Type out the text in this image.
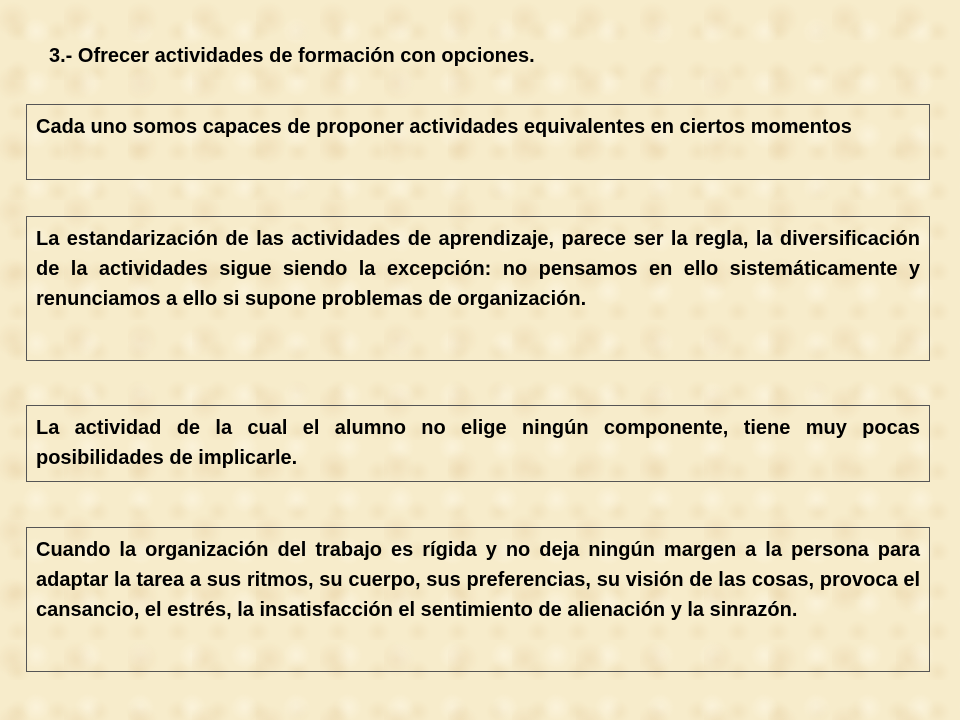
3.- Ofrecer actividades de formación con opciones.
Cada uno somos capaces de proponer actividades equivalentes en ciertos momentos
La estandarización de las actividades de aprendizaje, parece ser la regla, la diversificación de la actividades sigue siendo la excepción: no pensamos en ello sistemáticamente y renunciamos a ello si supone problemas de organización.
La actividad de la cual el alumno no elige ningún componente, tiene muy pocas posibilidades de implicarle.
Cuando la organización del trabajo es rígida y no deja ningún margen a la persona para adaptar la tarea a sus ritmos, su cuerpo, sus preferencias, su visión de las cosas, provoca el cansancio, el estrés, la insatisfacción el sentimiento de alienación y la sinrazón.
